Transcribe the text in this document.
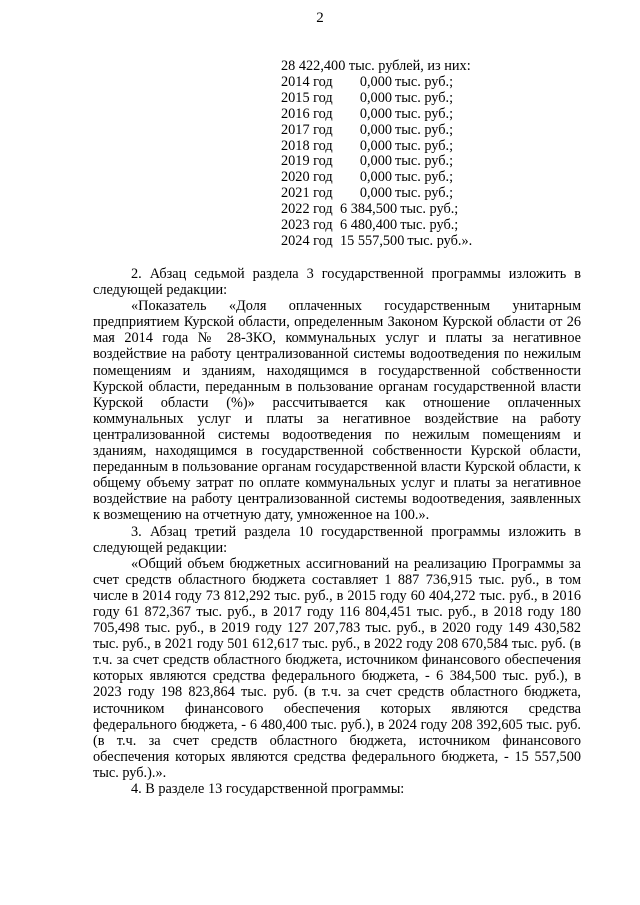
2
28 422,400 тыс. рублей, из них:
2014 год	0,000 тыс. руб.;
2015 год	0,000 тыс. руб.;
2016 год	0,000 тыс. руб.;
2017 год	0,000 тыс. руб.;
2018 год	0,000 тыс. руб.;
2019 год	0,000 тыс. руб.;
2020 год	0,000 тыс. руб.;
2021 год	0,000 тыс. руб.;
2022 год 6 384,500 тыс. руб.;
2023 год 6 480,400 тыс. руб.;
2024 год 15 557,500 тыс. руб.».

2. Абзац седьмой раздела 3 государственной программы изложить в следующей редакции:

«Показатель «Доля оплаченных государственным унитарным предприятием Курской области, определенным Законом Курской области от 26 мая 2014 года № 28-ЗКО, коммунальных услуг и платы за негативное воздействие на работу централизованной системы водоотведения по нежилым помещениям и зданиям, находящимся в государственной собственности Курской области, переданным в пользование органам государственной власти Курской области (%)» рассчитывается как отношение оплаченных коммунальных услуг и платы за негативное воздействие на работу централизованной системы водоотведения по нежилым помещениям и зданиям, находящимся в государственной собственности Курской области, переданным в пользование органам государственной власти Курской области, к общему объему затрат по оплате коммунальных услуг и платы за негативное воздействие на работу централизованной системы водоотведения, заявленных к возмещению на отчетную дату, умноженное на 100.».

3. Абзац третий раздела 10 государственной программы изложить в следующей редакции:

«Общий объем бюджетных ассигнований на реализацию Программы за счет средств областного бюджета составляет 1 887 736,915 тыс. руб., в том числе в 2014 году 73 812,292 тыс. руб., в 2015 году 60 404,272 тыс. руб., в 2016 году 61 872,367 тыс. руб., в 2017 году 116 804,451 тыс. руб., в 2018 году 180 705,498 тыс. руб., в 2019 году 127 207,783 тыс. руб., в 2020 году 149 430,582 тыс. руб., в 2021 году 501 612,617 тыс. руб., в 2022 году 208 670,584 тыс. руб. (в т.ч. за счет средств областного бюджета, источником финансового обеспечения которых являются средства федерального бюджета, - 6 384,500 тыс. руб.), в 2023 году 198 823,864 тыс. руб. (в т.ч. за счет средств областного бюджета, источником финансового обеспечения которых являются средства федерального бюджета, - 6 480,400 тыс. руб.), в 2024 году 208 392,605 тыс. руб. (в т.ч. за счет средств областного бюджета, источником финансового обеспечения которых являются средства федерального бюджета, - 15 557,500 тыс. руб.).».

4. В разделе 13 государственной программы:
